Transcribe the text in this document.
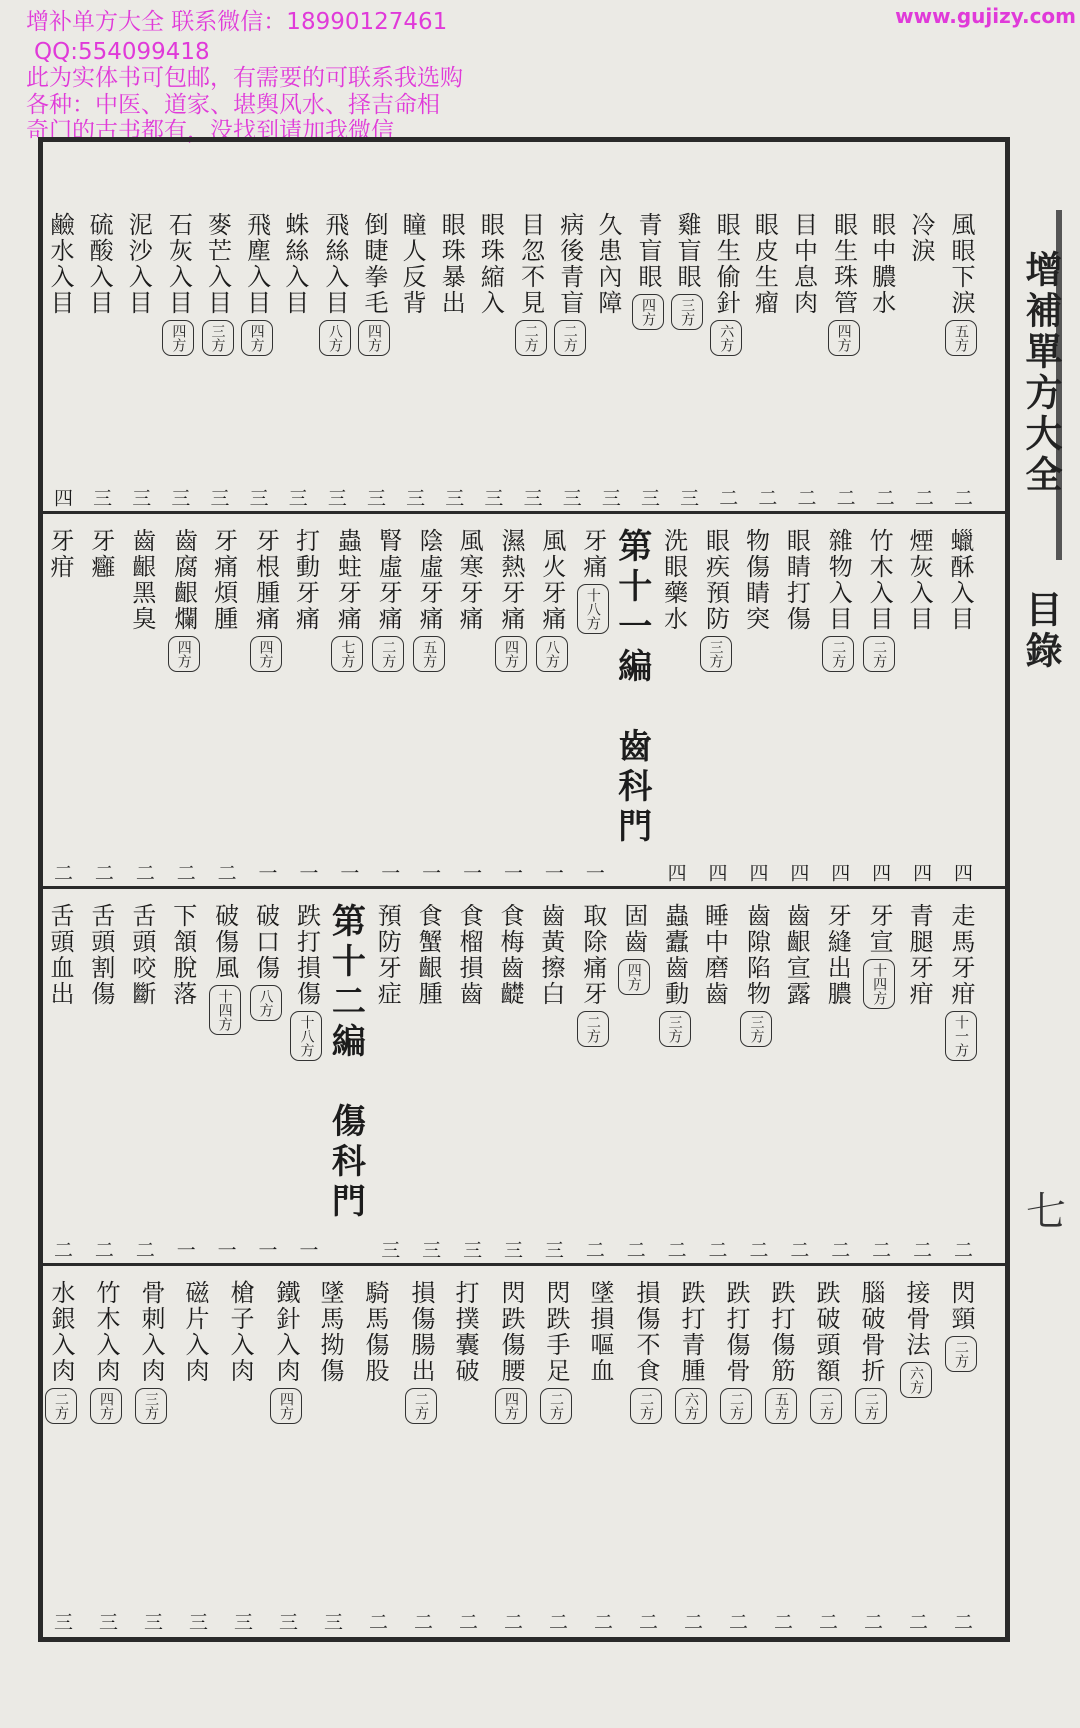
增补单方大全 联系微信：18990127461
QQ:554099418
此为实体书可包邮，有需要的可联系我选购
各种：中医、道家、堪舆风水、择吉命相
奇门的古书都有，没找到请加我微信
www.gujizy.com
增補單方大全
目錄
七
風眼下淚五方
二
冷淚
二
眼中膿水
二
眼生珠管四方
二
目中息肉
二
眼皮生瘤
二
眼生偷針六方
二
雞盲眼三方
三
青盲眼四方
三
久患內障
三
病後青盲二方
三
目忽不見二方
三
眼珠縮入
三
眼珠暴出
三
瞳人反背
三
倒睫拳毛四方
三
飛絲入目八方
三
蛛絲入目
三
飛塵入目四方
三
麥芒入目三方
三
石灰入目四方
三
泥沙入目
三
硫酸入目
三
鹼水入目
四
蠟酥入目
四
煙灰入目
四
竹木入目二方
四
雜物入目二方
四
眼睛打傷
四
物傷睛突
四
眼疾預防三方
四
洗眼藥水
四
第十一編　齒科門
牙痛十八方
一
風火牙痛八方
一
濕熱牙痛四方
一
風寒牙痛
一
陰虛牙痛五方
一
腎虛牙痛二方
一
蟲蛀牙痛七方
一
打動牙痛
一
牙根腫痛四方
一
牙痛煩腫
二
齒腐齦爛四方
二
齒齦黑臭
二
牙癰
二
牙疳
二
走馬牙疳十一方
二
青腿牙疳
二
牙宣十四方
二
牙縫出膿
二
齒齦宣露
二
齒隙陷物三方
二
睡中磨齒
二
蟲蠹齒動三方
二
固齒四方
二
取除痛牙二方
二
齒黃擦白
三
食梅齒齼
三
食榴損齒
三
食蟹齦腫
三
預防牙症
三
第十二編　傷科門
跌打損傷十八方
一
破口傷八方
一
破傷風十四方
一
下頷脫落
一
舌頭咬斷
二
舌頭割傷
二
舌頭血出
二
閃頸二方
二
接骨法六方
二
腦破骨折二方
二
跌破頭額二方
二
跌打傷筋五方
二
跌打傷骨二方
二
跌打青腫六方
二
損傷不食二方
二
墜損嘔血
二
閃跌手足二方
二
閃跌傷腰四方
二
打撲囊破
二
損傷腸出二方
二
騎馬傷股
二
墜馬拗傷
三
鐵針入肉四方
三
槍子入肉
三
磁片入肉
三
骨刺入肉三方
三
竹木入肉四方
三
水銀入肉二方
三
